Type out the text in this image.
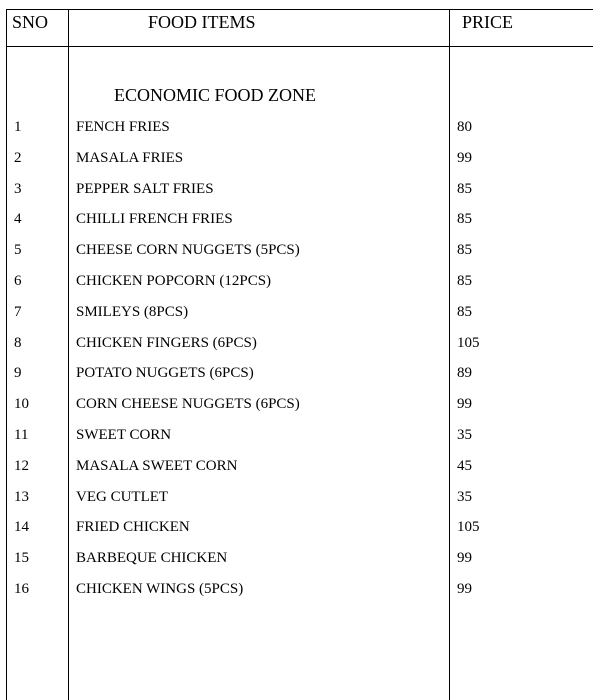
SNO	FOOD ITEMS	PRICE
ECONOMIC FOOD ZONE
1	FENCH FRIES	80
2	MASALA FRIES	99
3	PEPPER SALT FRIES	85
4	CHILLI FRENCH FRIES	85
5	CHEESE CORN NUGGETS (5PCS)	85
6	CHICKEN POPCORN (12PCS)	85
7	SMILEYS (8PCS)	85
8	CHICKEN FINGERS (6PCS)	105
9	POTATO NUGGETS (6PCS)	89
10	CORN CHEESE NUGGETS (6PCS)	99
11	SWEET CORN	35
12	MASALA SWEET CORN	45
13	VEG CUTLET	35
14	FRIED CHICKEN	105
15	BARBEQUE CHICKEN	99
16	CHICKEN WINGS (5PCS)	99
